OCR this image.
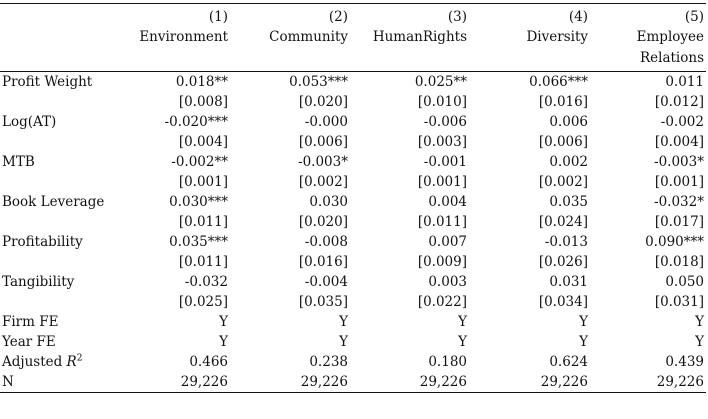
	(1)	(2)	(3)	(4)	(5)
	Environment	Community	HumanRights	Diversity	Employee
Relations

Profit Weight	0.018**	0.053***	0.025**	0.066***	0.011
	[0.008]	[0.020]	[0.010]	[0.016]	[0.012]
Log(AT)	-0.020***	-0.000	-0.006	0.006	-0.002
	[0.004]	[0.006]	[0.003]	[0.006]	[0.004]
MTB	-0.002**	-0.003*	-0.001	0.002	-0.003*
	[0.001]	[0.002]	[0.001]	[0.002]	[0.001]
Book Leverage	0.030***	0.030	0.004	0.035	-0.032*
	[0.011]	[0.020]	[0.011]	[0.024]	[0.017]
Profitability	0.035***	-0.008	0.007	-0.013	0.090***
	[0.011]	[0.016]	[0.009]	[0.026]	[0.018]
Tangibility	-0.032	-0.004	0.003	0.031	0.050
	[0.025]	[0.035]	[0.022]	[0.034]	[0.031]
Firm FE	Y	Y	Y	Y	Y
Year FE	Y	Y	Y	Y	Y
Adjusted $R^2$	0.466	0.238	0.180	0.624	0.439
N	29,226	29,226	29,226	29,226	29,226
